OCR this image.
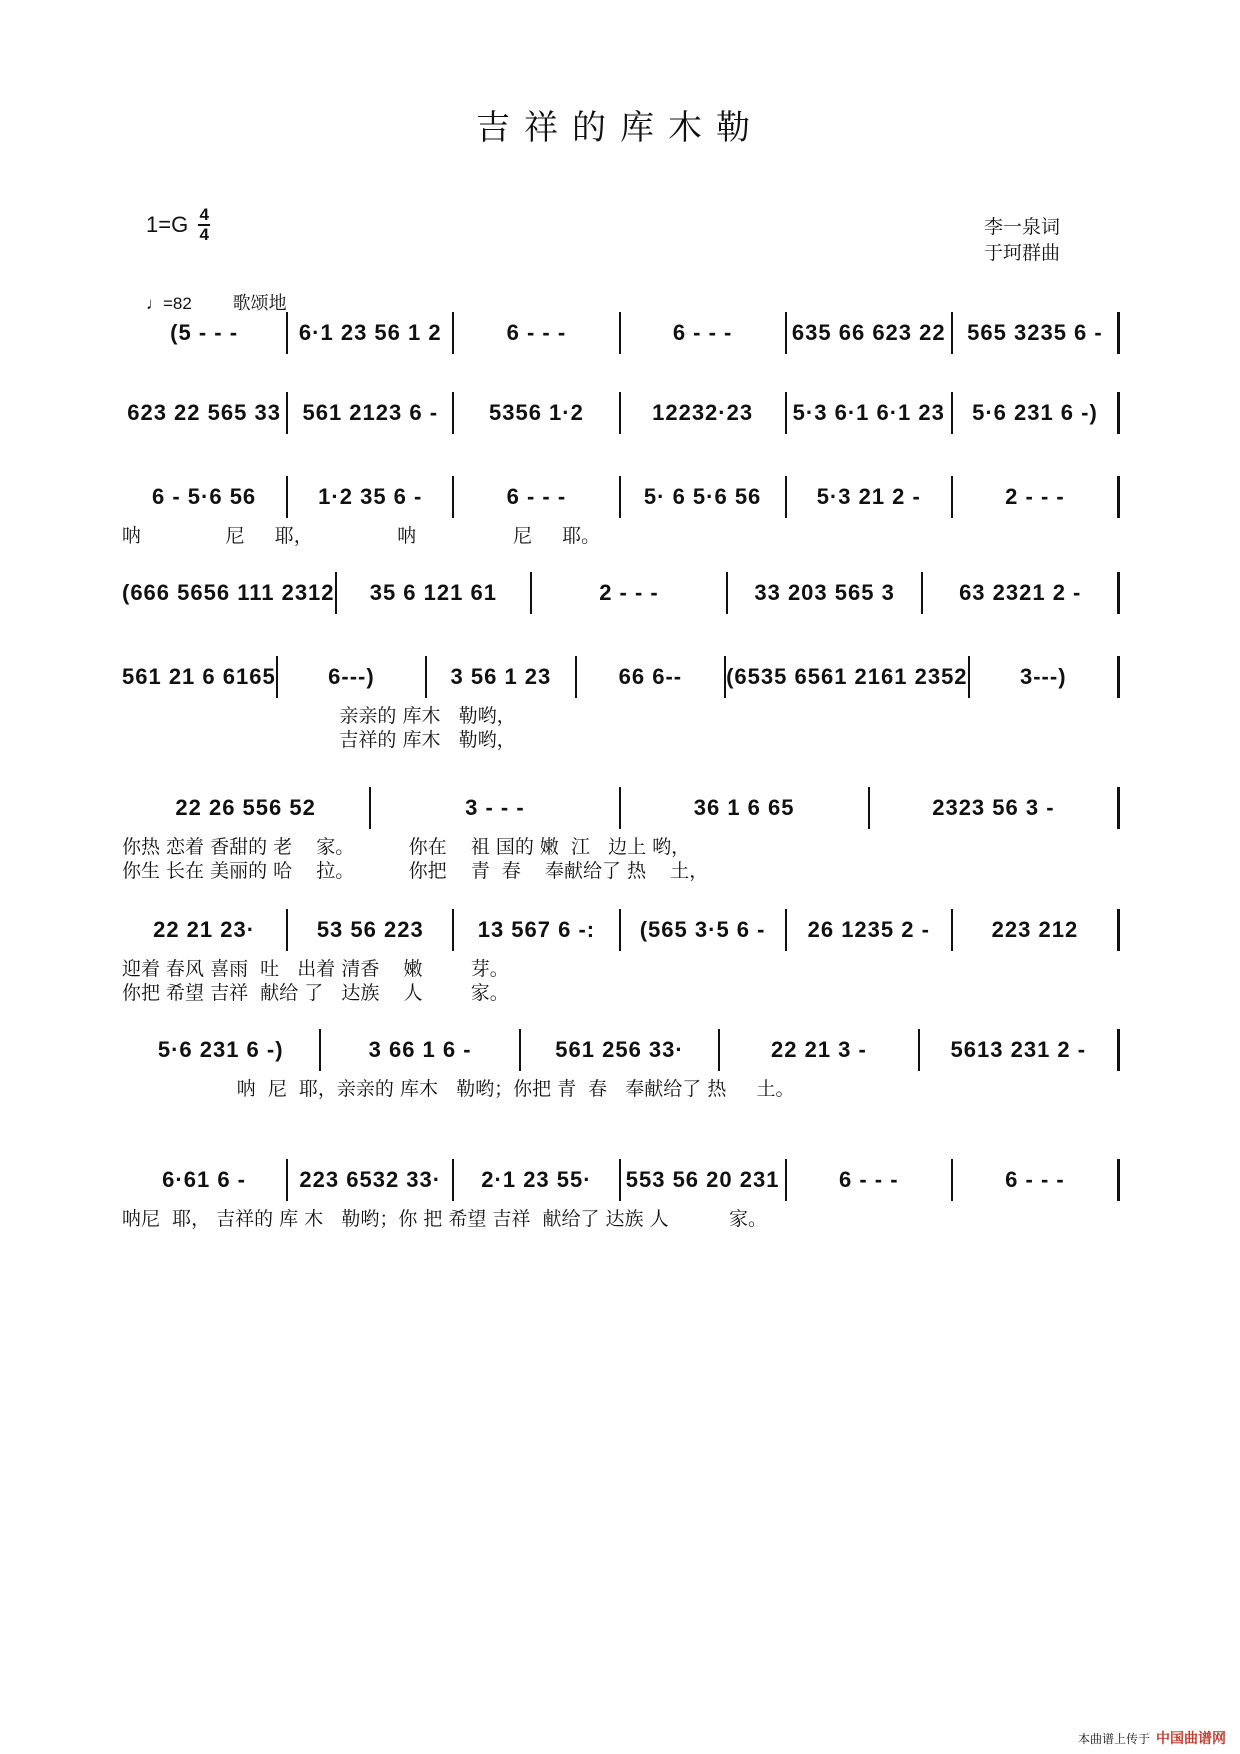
吉祥的库木勒
1=G 4
4	李一泉词
于珂群曲
♩=82 歌颂地
(5 - - -	6·1 23 56 1 2	6 - - -	6 - - -	635 66 623 22 565 3235 6 -
623 22 565 33 561 2123 6 -	5356 1·2	12232·23	5·3 6·1 6·1 23	5·6 231 6 -)
6 - 5·6 56	1·2 35 6 -	6 - - -	5· 6 5·6 56	5·3 21 2 -	2 - - -
呐              尼     耶，              呐                尼     耶。
(666 5656 111 2312	35 6 121 61	2 - - -	33 203 565 3	63 2321 2 -
561 21 6 6165	6---)	3 56 1 23	66 6--	(6535 6561 2161 2352	3---)
亲亲的 库木   勒哟，
吉祥的 库木   勒哟，
22 26 556 52	3 - - -	36 1 6 65	2323 56 3 -
你热 恋着 香甜的 老    家。         你在    祖 国的 嫩  江   边上 哟，
你生 长在 美丽的 哈    拉。         你把    青  春    奉献给了 热    土，
22 21 23·	53 56 223	13 567 6 -:	(565 3·5 6 -	26 1235 2 -	223 212
迎着 春风 喜雨  吐   出着 清香    嫩        芽。
你把 希望 吉祥  献给 了   达族    人        家。
5·6 231 6 -)	3 66 1 6 -	561 256 33·	22 21 3 -	5613 231 2 -
呐  尼  耶，亲亲的 库木   勒哟；你把 青  春   奉献给了 热     土。
6·61 6 -	223 6532 33·	2·1 23 55·	553 56 20 231	6 - - -	6 - - -
呐尼  耶， 吉祥的 库 木   勒哟；你 把 希望 吉祥  献给了 达族 人          家。
本曲谱上传于 中国曲谱网
